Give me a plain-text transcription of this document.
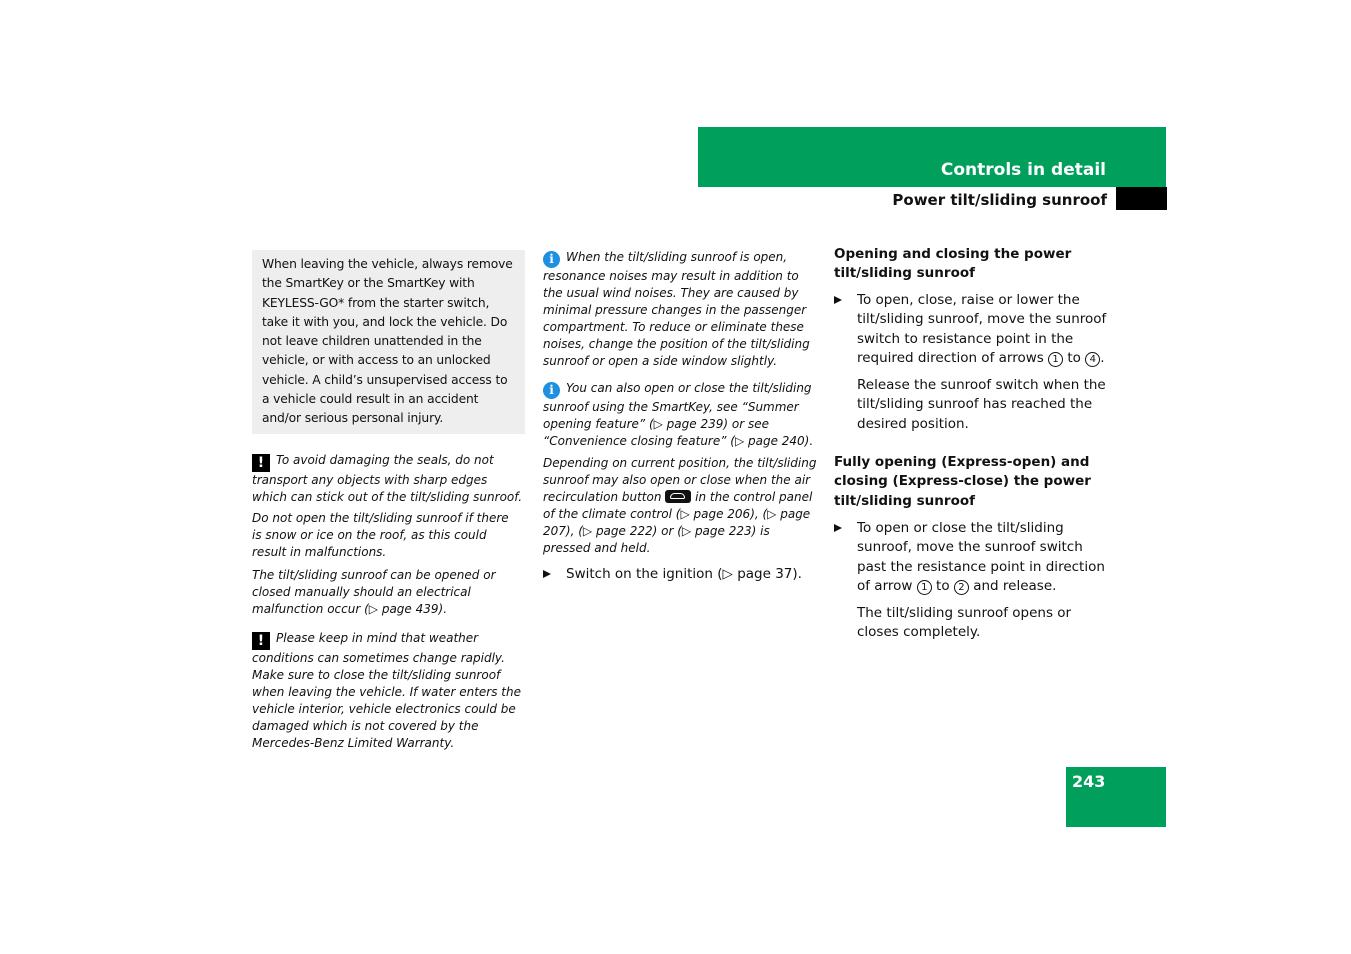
Controls in detail
Power tilt/sliding sunroof
When leaving the vehicle, always remove the SmartKey or the SmartKey with KEYLESS-GO* from the starter switch, take it with you, and lock the vehicle. Do not leave children unattended in the vehicle, or with access to an unlocked vehicle. A child’s unsupervised access to a vehicle could result in an accident and/or serious personal injury.
! To avoid damaging the seals, do not transport any objects with sharp edges which can stick out of the tilt/sliding sunroof.
Do not open the tilt/sliding sunroof if there is snow or ice on the roof, as this could result in malfunctions.
The tilt/sliding sunroof can be opened or closed manually should an electrical malfunction occur (▷ page 439).
! Please keep in mind that weather conditions can sometimes change rapidly. Make sure to close the tilt/sliding sunroof when leaving the vehicle. If water enters the vehicle interior, vehicle electronics could be damaged which is not covered by the Mercedes-Benz Limited Warranty.
i When the tilt/sliding sunroof is open, resonance noises may result in addition to the usual wind noises. They are caused by minimal pressure changes in the passenger compartment. To reduce or eliminate these noises, change the position of the tilt/sliding sunroof or open a side window slightly.
i You can also open or close the tilt/sliding sunroof using the SmartKey, see “Summer opening feature” (▷ page 239) or see “Convenience closing feature” (▷ page 240).
Depending on current position, the tilt/sliding sunroof may also open or close when the air recirculation button	in the control panel of the climate control (▷ page 206), (▷ page 207), (▷ page 222) or (▷ page 223) is pressed and held.
Switch on the ignition (▷ page 37).
Opening and closing the power tilt/sliding sunroof
To open, close, raise or lower the tilt/sliding sunroof, move the sunroof switch to resistance point in the required direction of arrows 1 to 4 .
Release the sunroof switch when the tilt/sliding sunroof has reached the desired position.
Fully opening (Express-open) and closing (Express-close) the power tilt/sliding sunroof
To open or close the tilt/sliding sunroof, move the sunroof switch past the resistance point in direction of arrow 1 to 2 and release.
The tilt/sliding sunroof opens or closes completely.
243
